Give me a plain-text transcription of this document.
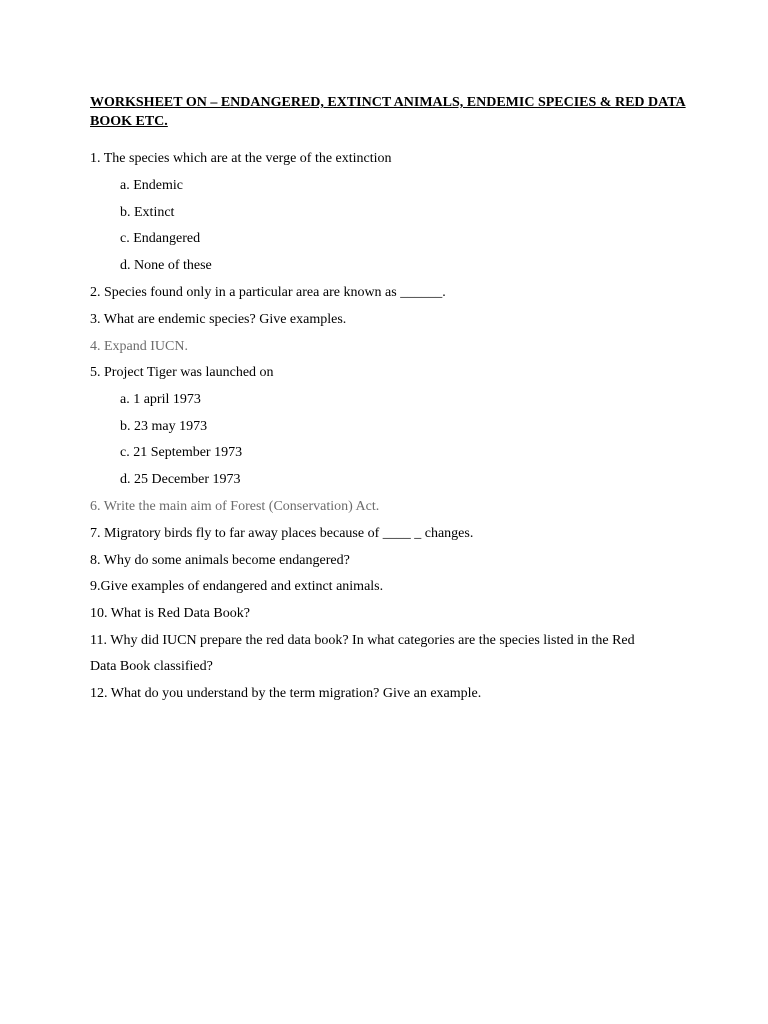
WORKSHEET ON – ENDANGERED, EXTINCT ANIMALS, ENDEMIC SPECIES & RED DATA BOOK ETC.
1. The species which are at the verge of the extinction
a. Endemic
b. Extinct
c. Endangered
d. None of these
2. Species found only in a particular area are known as ______.
3. What are endemic species? Give examples.
4. Expand IUCN.
5. Project Tiger was launched on
a. 1 april 1973
b. 23 may 1973
c. 21 September 1973
d. 25 December 1973
6. Write the main aim of Forest (Conservation) Act.
7. Migratory birds fly to far away places because of ____ _ changes.
8. Why do some animals become endangered?
9.Give examples of endangered and extinct animals.
10. What is Red Data Book?
11. Why did IUCN prepare the red data book? In what categories are the species listed in the Red
Data Book classified?
12. What do you understand by the term migration? Give an example.
